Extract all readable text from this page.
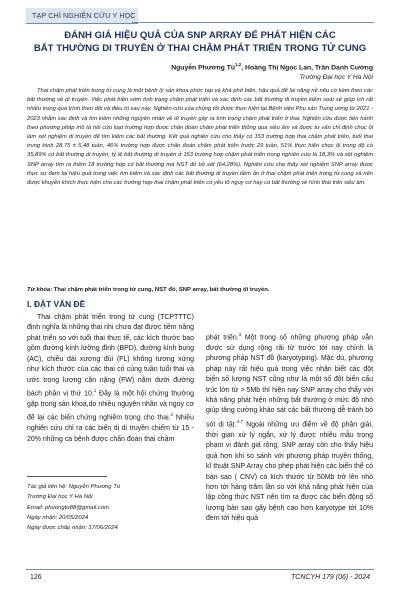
TẠP CHÍ NGHIÊN CỨU Y HỌC
ĐÁNH GIÁ HIỆU QUẢ CỦA SNP ARRAY ĐỂ PHÁT HIỆN CÁC
BẤT THƯỜNG DI TRUYỀN Ở THAI CHẬM PHÁT TRIỂN TRONG TỬ CUNG
Nguyễn Phương Tú$^{1,2}$, Hoàng Thị Ngọc Lan, Trần Danh Cường
Trường Đại học Y Hà Nội

Thai chậm phát triển trong tử cung là một bệnh lý sản khoa phức tạp và khá phổ biến, hậu quả để lại nặng nề nếu có kèm theo các bất thường về di truyền. Việc phát hiện sớm tình trạng chậm phát triển và xác định các bất thường di truyền kiểm soát sẽ giúp ích rất nhiều trong quá trình theo dõi và điều trị sau này. Nghiên cứu của chúng tôi được thực hiện tại Bệnh viện Phụ sản Trung ương từ 2021 - 2023 nhằm xác định và tìm kiếm những nguyên nhân về di truyền gây ra tình trạng chậm phát triển ở thai. Nghiên cứu được tiến hành theo phương pháp mô tả hồi cứu loạt trường hợp được chẩn đoán chậm phát triển thông qua siêu âm và được tư vấn chỉ định chọc ối làm xét nghiệm di truyền để tìm kiếm các bất thường. Kết quả nghiên cứu cho thấy có 153 trường hợp thai chậm phát triển, tuổi thai trung bình 28,75 ± 5,48 tuần, 46% trường hợp được chẩn đoán chậm phát triển trước 29 tuần, 51% thực hiện chọc ối trong độ có 35,89% có bất thường di truyền, tỷ lệ bất thường di truyền ở 153 trường hợp chậm phát triển trong nghiên cứu là 18,3% và xét nghiệm SNP array tìm ra thêm 18 trường hợp có bất thường mà NST đồ bỏ sót (64,28%). Nghiên cứu cho thấy xét nghiệm SNP array được thực sự đem lại hiệu quả trong việc tìm kiếm và xác định các bất thường di truyền tiềm ẩn ở thai chậm phát triển trong tử cung và nên được khuyến khích thực hiện cho các trường hợp thai chậm phát triển có yếu tố nguy cơ hay có bất thường về hình thái trên siêu âm.

Từ khóa: Thai chậm phát triển trong tử cung, NST đồ, SNP array, bất thường di truyền.
I. ĐẶT VẤN ĐỀ

Thai chậm phát triển trong tử cung (TCPTTTC) định nghĩa là những thai nhi chưa đạt được tiềm năng phát triển so với tuổi thai thực tế, các kích thước bao gồm đường kính lưỡng đỉnh (BPD), đường kính bụng (AC), chiều dài xương đùi (FL) không tương xứng như kích thước của các thai có cùng tuần tuổi thai và ước trọng lượng cân nặng (FW) nằm dưới đường bách phân vị thứ 10.$^1$ Đây là một hội chứng thường gặp trong sản khoa,do nhiều nguyên nhân và nguy cơ để lại các biến chứng nghiêm trọng cho thai.$^2$ Nhiều nghiên cứu chỉ ra các biến dị di truyền chiếm từ 15 - 20% những ca bệnh được chẩn đoán thai chậm

Tác giả liên hệ: Nguyễn Phương Tú
Trường Đại học Y Hà Nội
Email: phuongtu88@gmail.com
Ngày nhận: 20/05/2024
Ngày được chấp nhận: 17/06/2024

phát triển.$^3$ Một trong số những phương pháp vẫn được sử dụng rộng rãi từ trước tới nay chính là phương pháp NST đồ (karyotyping). Mặc dù, phương pháp này rất hiệu quả trong việc nhận biết các đột biến số lượng NST cũng như là một số đột biến cấu trúc lớn từ > 5Mb thì hiện nay SNP array cho thấy với khả năng phát hiện những bất thường ở mức độ nhỏ giúp tăng cường khảo sát các bất thường dễ tránh bỏ sót dị tật.$^{4-7}$ Ngoài những ưu điểm về độ phân giải, thời gian xử lý ngắn, xử lý được nhiều mẫu trong phạm vi đánh giá rộng, SNP array còn cho thấy hiệu quả hơn khi so sánh với phương pháp truyền thống, kĩ thuật SNP Array cho phép phát hiện các biến thể có bản sao ( CNV) có kích thước từ 50Mb trở lên nhỏ hơn tới hàng trăm lần so với khả năng phát hiện của lập công thức NST nên tìm ra được các biến động số lượng bản sao gây bệnh cao hơn karyotype tới 10% đem tới hiệu quả

126	TCNCYH 179 (06) - 2024
